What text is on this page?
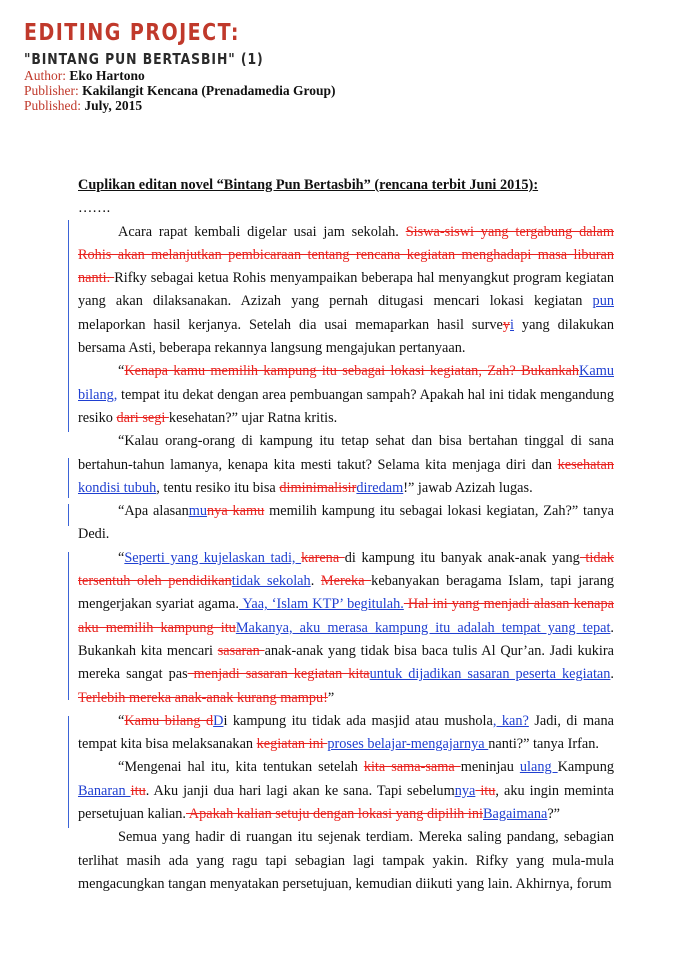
EDITING PROJECT:
"BINTANG PUN BERTASBIH" (1)
Author: Eko Hartono
Publisher: Kakilangit Kencana (Prenadamedia Group)
Published: July, 2015

Cuplikan editan novel “Bintang Pun Bertasbih” (rencana terbit Juni 2015):

…….

Acara rapat kembali digelar usai jam sekolah. Siswa-siswi yang tergabung dalam Rohis akan melanjutkan pembicaraan tentang rencana kegiatan menghadapi masa liburan nanti. Rifky sebagai ketua Rohis menyampaikan beberapa hal menyangkut program kegiatan yang akan dilaksanakan. Azizah yang pernah ditugasi mencari lokasi kegiatan pun melaporkan hasil kerjanya. Setelah dia usai memaparkan hasil surveyi yang dilakukan bersama Asti, beberapa rekannya langsung mengajukan pertanyaan.

“Kenapa kamu memilih kampung itu sebagai lokasi kegiatan, Zah? BukankahKamu bilang, tempat itu dekat dengan area pembuangan sampah? Apakah hal ini tidak mengandung resiko dari segi kesehatan?” ujar Ratna kritis.

“Kalau orang-orang di kampung itu tetap sehat dan bisa bertahan tinggal di sana bertahun-tahun lamanya, kenapa kita mesti takut? Selama kita menjaga diri dan kesehatan kondisi tubuh, tentu resiko itu bisa diminimalisirdiredam!” jawab Azizah lugas.

“Apa alasanmunya kamu memilih kampung itu sebagai lokasi kegiatan, Zah?” tanya Dedi.

“Seperti yang kujelaskan tadi, karena di kampung itu banyak anak-anak yang tidak tersentuh oleh pendidikantidak sekolah. Mereka kebanyakan beragama Islam, tapi jarang mengerjakan syariat agama. Yaa, ‘Islam KTP’ begitulah. Hal ini yang menjadi alasan kenapa aku memilih kampung ituMakanya, aku merasa kampung itu adalah tempat yang tepat. Bukankah kita mencari sasaran anak-anak yang tidak bisa baca tulis Al Qur’an. Jadi kukira mereka sangat pas menjadi sasaran kegiatan kitauntuk dijadikan sasaran peserta kegiatan. Terlebih mereka anak-anak kurang mampu!”

“Kamu bilang dDi kampung itu tidak ada masjid atau mushola, kan? Jadi, di mana tempat kita bisa melaksanakan kegiatan ini proses belajar-mengajarnya nanti?” tanya Irfan.

“Mengenai hal itu, kita tentukan setelah kita sama-sama meninjau ulang Kampung Banaran itu. Aku janji dua hari lagi akan ke sana. Tapi sebelumnya itu, aku ingin meminta persetujuan kalian. Apakah kalian setuju dengan lokasi yang dipilih iniBagaimana?”

Semua yang hadir di ruangan itu sejenak terdiam. Mereka saling pandang, sebagian terlihat masih ada yang ragu tapi sebagian lagi tampak yakin. Rifky yang mula-mula mengacungkan tangan menyatakan persetujuan, kemudian diikuti yang lain. Akhirnya, forum
